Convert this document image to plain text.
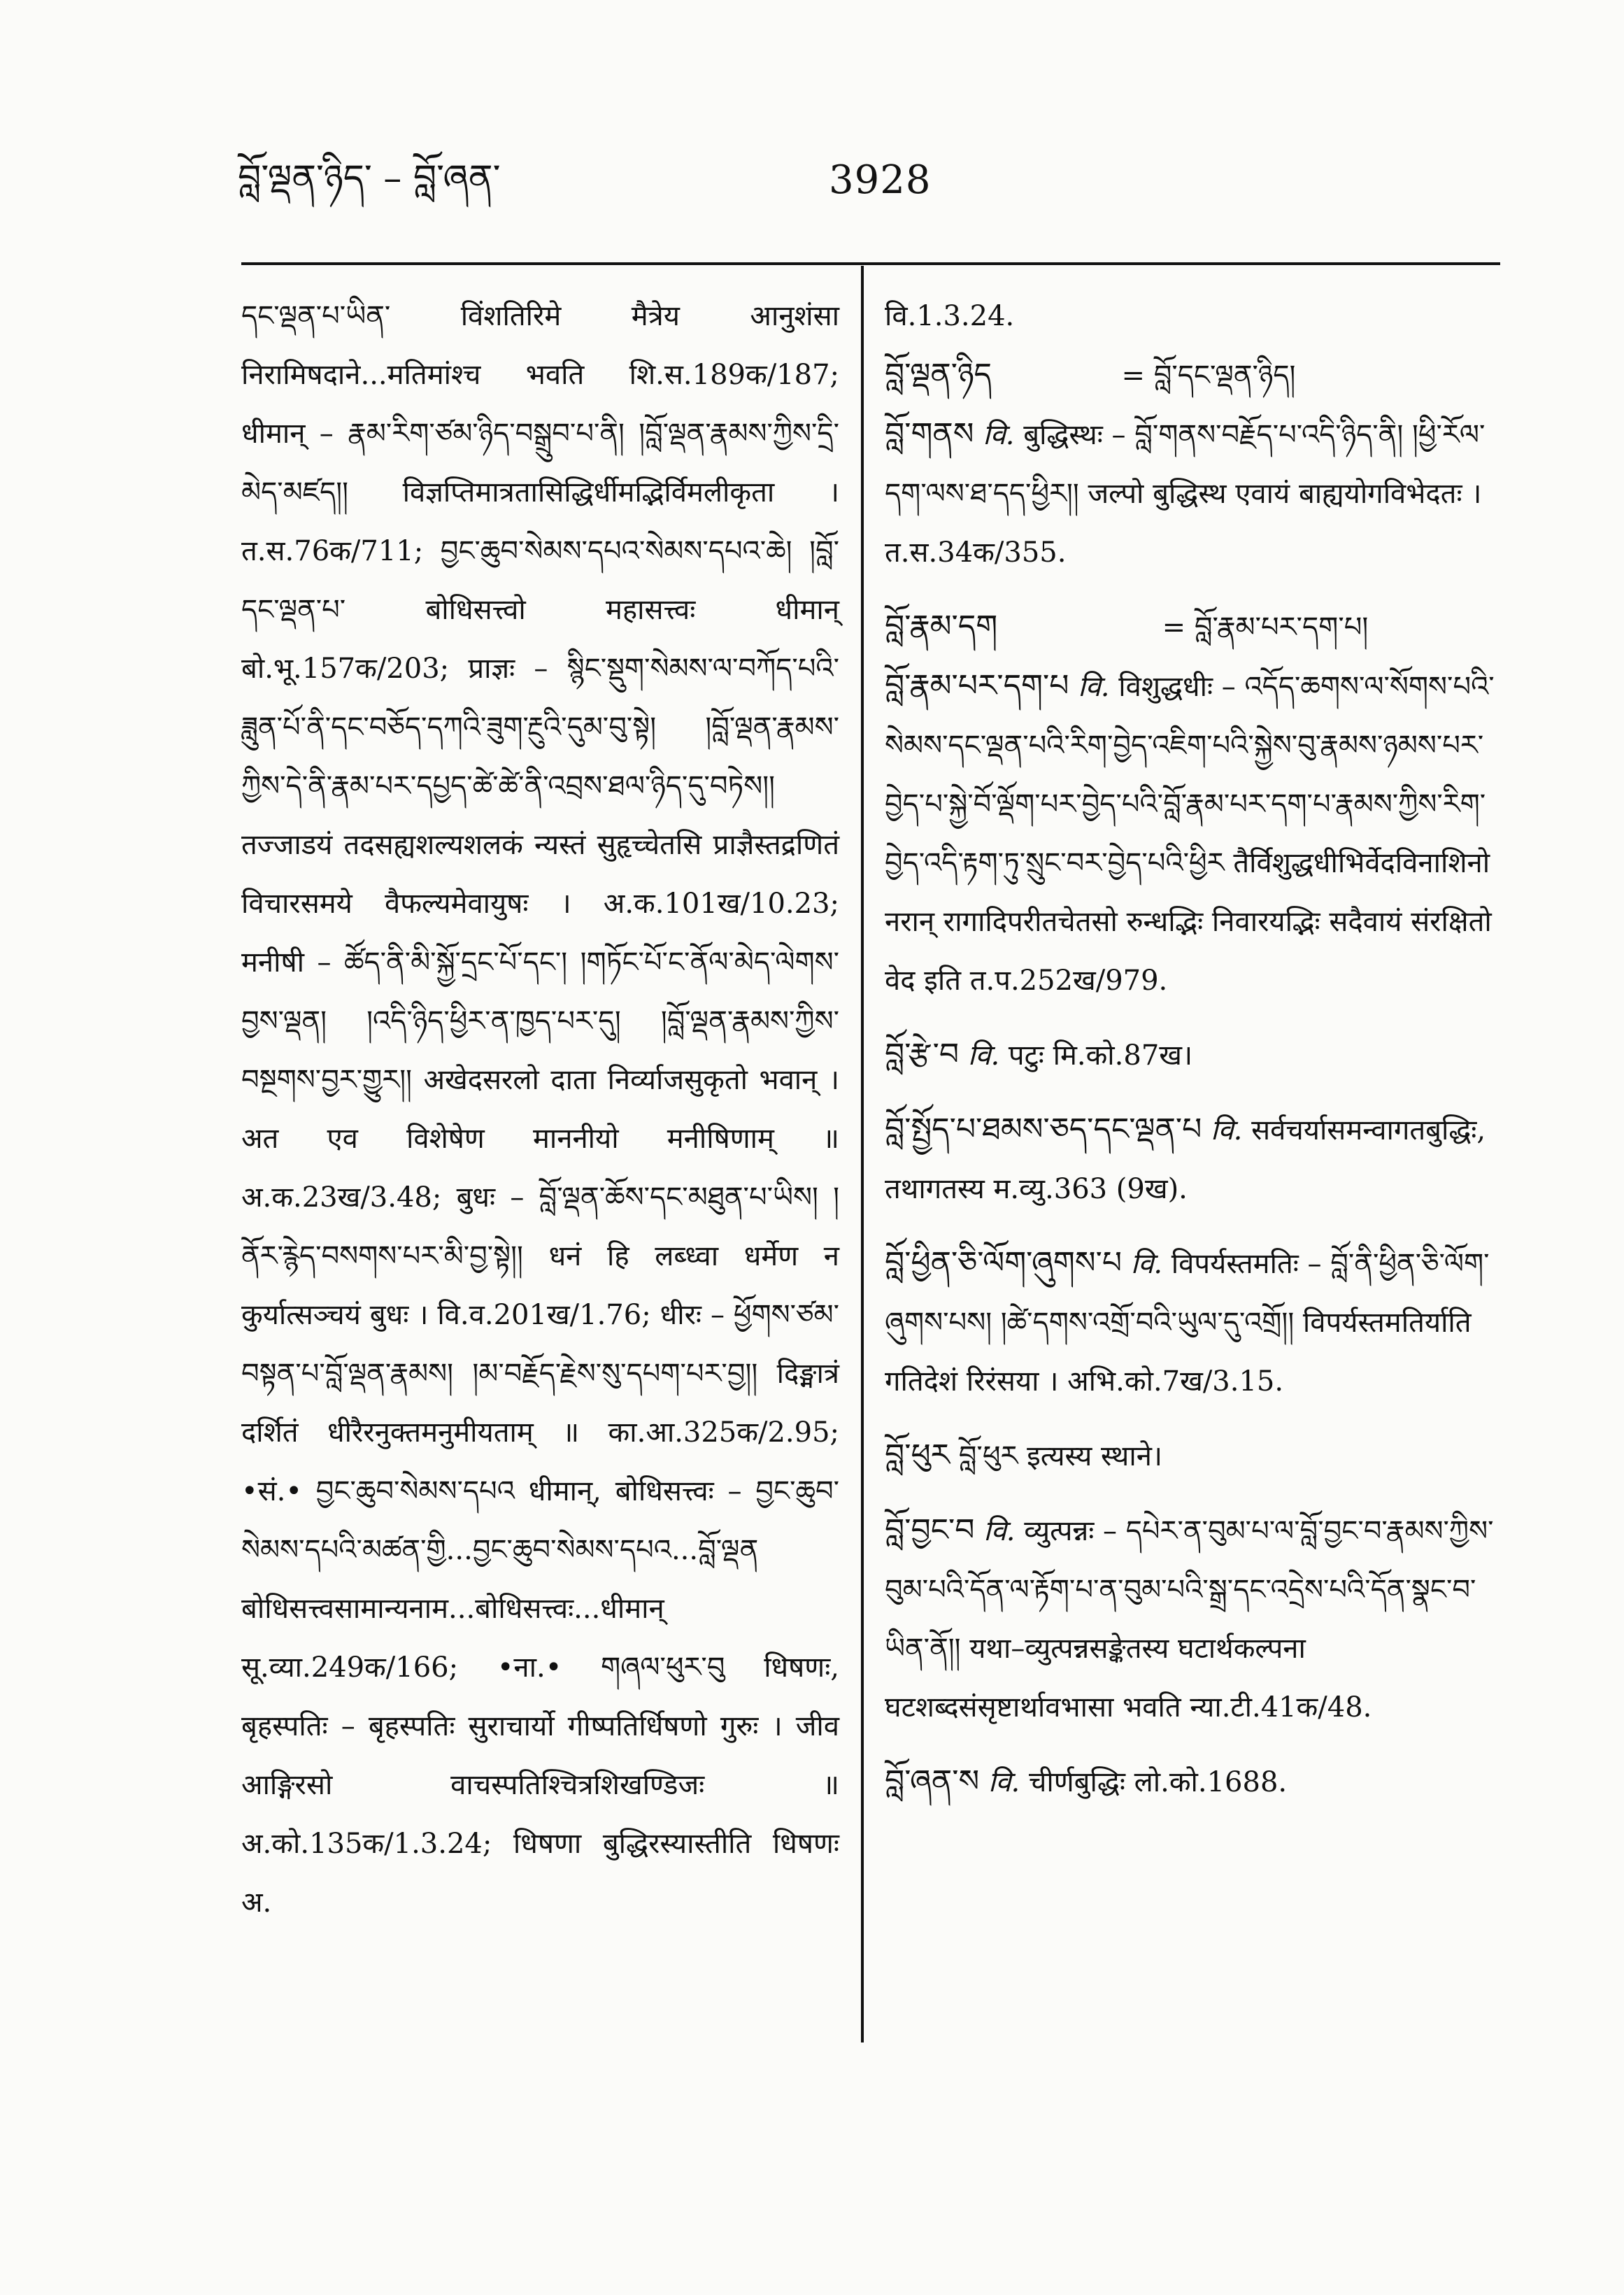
བློ་ལྡན་ཉིད་ – བློ་ཞན་	3928

དང་ལྡན་པ་ཡིན་ विंशतिरिमे मैत्रेय आनुशंसा निरामिषदाने...मतिमांश्च भवति शि.स.189क/187; धीमान् – རྣམ་རིག་ཙམ་ཉིད་བསྒྲུབ་པ་ནི། །བློ་ལྡན་རྣམས་ཀྱིས་དྲི་མེད་མཛད།། विज्ञप्तिमात्रतासिद्धिर्धीमद्भिर्विमलीकृता । त.स.76क/711; བྱང་ཆུབ་སེམས་དཔའ་སེམས་དཔའ་ཆེ། །བློ་དང་ལྡན་པ་ बोधिसत्त्वो महासत्त्वः धीमान् बो.भू.157क/203; प्राज्ञः – སྙིང་སྡུག་སེམས་ལ་བཀོད་པའི་ཟླུན་པོ་ནི་དང་བཅོད་དཀའི་ཟུག་རྔུའི་དུམ་བུ་སྟེ། །བློ་ལྡན་རྣམས་ཀྱིས་དེ་ནི་རྣམ་པར་དཔྱད་ཚེ་ཚེ་ནི་འབྲས་ཐལ་ཉིད་དུ་བཏེས།། तज्जाडयं तदसह्यशल्यशलकं न्यस्तं सुहृच्चेतसि प्राज्ञैस्तद्रणितं विचारसमये वैफल्यमेवायुषः । अ.क.101ख/10.23; मनीषी – ཚོད་ནི་མི་སྐྱོ་དྲང་པོ་དང་། །གཏོང་པོ་ང་ནོལ་མེད་ལེགས་བྱས་ལྡན། །འདི་ཉིད་ཕྱིར་ན་ཁྱད་པར་དུ། །བློ་ལྡན་རྣམས་ཀྱིས་བསྔགས་བྱར་གྱུར།། अखेदसरलो दाता निर्व्याजसुकृतो भवान् । अत एव विशेषेण माननीयो मनीषिणाम् ॥ अ.क.23ख/3.48; बुधः – བློ་ལྡན་ཆོས་དང་མཐུན་པ་ཡིས། །ནོར་རྙེད་བསགས་པར་མི་བྱ་སྟེ།། धनं हि लब्ध्वा धर्मेण न कुर्यात्सञ्चयं बुधः । वि.व.201ख/1.76; धीरः – ཕྱོགས་ཙམ་བསྟན་པ་བློ་ལྡན་རྣམས། །མ་བརྗོད་རྗེས་སུ་དཔག་པར་བྱ།། दिङ्मात्रं दर्शितं धीरैरनुक्तमनुमीयताम् ॥ का.आ.325क/2.95; •सं.• བྱང་ཆུབ་སེམས་དཔའ धीमान्, बोधिसत्त्वः – བྱང་ཆུབ་སེམས་དཔའི་མཚན་གྱི...བྱང་ཆུབ་སེམས་དཔའ...བློ་ལྡན बोधिसत्त्वसामान्यनाम...बोधिसत्त्वः...धीमान् सू.व्या.249क/166; •ना.• གཞལ་ཕུར་བུ धिषणः, बृहस्पतिः – बृहस्पतिः सुराचार्यो गीष्पतिर्धिषणो गुरुः । जीव आङ्गिरसो वाचस्पतिश्चित्रशिखण्डिजः ॥ अ.को.135क/1.3.24; धिषणा बुद्धिरस्यास्तीति धिषणः अ.

वि.1.3.24.
བློ་ལྡན་ཉིད	= བློ་དང་ལྡན་ཉིད།
བློ་གནས वि. बुद्धिस्थः – བློ་གནས་བརྗོད་པ་འདི་ཉིད་ནི། །ཕྱི་རོལ་དག་ལས་ཐ་དད་ཕྱིར།། जल्पो बुद्धिस्थ एवायं बाह्ययोगविभेदतः । त.स.34क/355.
བློ་རྣམ་དག	= བློ་རྣམ་པར་དག་པ།
བློ་རྣམ་པར་དག་པ वि. विशुद्धधीः – འདོད་ཆགས་ལ་སོགས་པའི་སེམས་དང་ལྡན་པའི་རིག་བྱེད་འཇིག་པའི་སྐྱེས་བུ་རྣམས་ཉམས་པར་བྱེད་པ་སྐྱེ་བོ་ལྡོག་པར་བྱེད་པའི་བློ་རྣམ་པར་དག་པ་རྣམས་ཀྱིས་རིག་བྱེད་འདི་རྟག་ཏུ་སྲུང་བར་བྱེད་པའི་ཕྱིར तैर्विशुद्धधीभिर्वेदविनाशिनो नरान् रागादिपरीतचेतसो रुन्धद्भिः निवारयद्भिः सदैवायं संरक्षितो वेद इति त.प.252ख/979.
བློ་རྩེ་བ वि. पटुः मि.को.87ख।
བློ་སྤྱོད་པ་ཐམས་ཅད་དང་ལྡན་པ वि. सर्वचर्यासमन्वागतबुद्धिः, तथागतस्य म.व्यु.363 (9ख).
བློ་ཕྱིན་ཅི་ལོག་ཞུགས་པ वि. विपर्यस्तमतिः – བློ་ནི་ཕྱིན་ཅི་ལོག་ཞུགས་པས། །ཚེ་དགས་འགྲོ་བའི་ཡུལ་དུ་འགྲོ།། विपर्यस्तमतिर्याति गतिदेशं रिरंसया । अभि.को.7ख/3.15.
བློ་ཕུར བློ་ཕུར इत्यस्य स्थाने।
བློ་བྱང་བ वि. व्युत्पन्नः – དཔེར་ན་བུམ་པ་ལ་བློ་བྱང་བ་རྣམས་ཀྱིས་བུམ་པའི་དོན་ལ་རྟོག་པ་ན་བུམ་པའི་སྒྲ་དང་འདྲེས་པའི་དོན་སྣང་བ་ཡིན་ནོ།། यथा–व्युत्पन्नसङ्केतस्य घटार्थकल्पना घटशब्दसंसृष्टार्थावभासा भवति न्या.टी.41क/48.
བློ་ཞན་ས वि. चीर्णबुद्धिः लो.को.1688.
